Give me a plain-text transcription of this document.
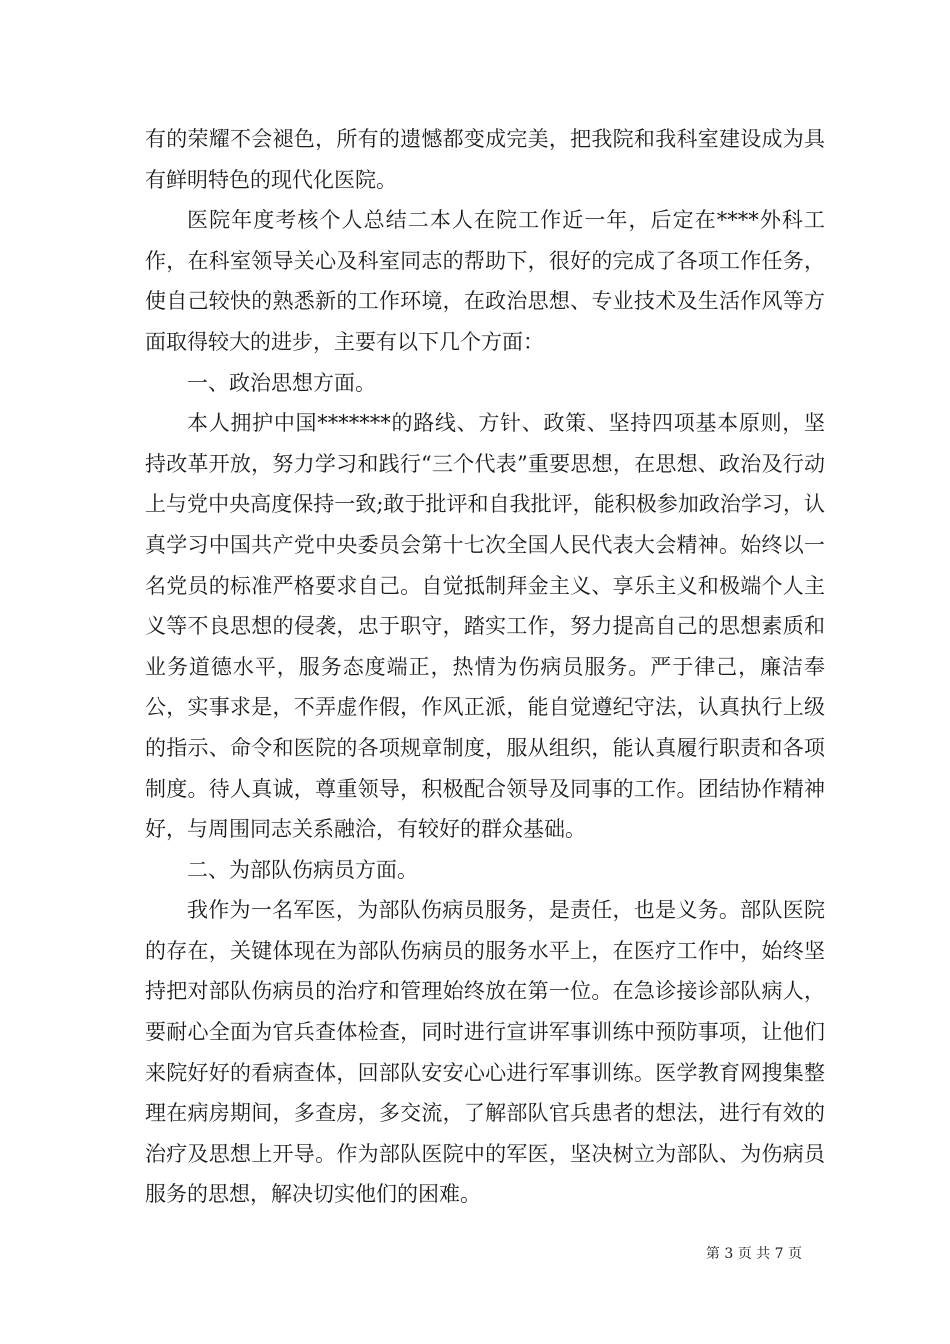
有的荣耀不会褪色，所有的遗憾都变成完美，把我院和我科室建设成为具有鲜明特色的现代化医院。

医院年度考核个人总结二本人在院工作近一年，后定在****外科工作，在科室领导关心及科室同志的帮助下，很好的完成了各项工作任务，使自己较快的熟悉新的工作环境，在政治思想、专业技术及生活作风等方面取得较大的进步，主要有以下几个方面：

一、政治思想方面。

本人拥护中国*******的路线、方针、政策、坚持四项基本原则，坚持改革开放，努力学习和践行“三个代表”重要思想，在思想、政治及行动上与党中央高度保持一致;敢于批评和自我批评，能积极参加政治学习，认真学习中国共产党中央委员会第十七次全国人民代表大会精神。始终以一名党员的标准严格要求自己。自觉抵制拜金主义、享乐主义和极端个人主义等不良思想的侵袭，忠于职守，踏实工作，努力提高自己的思想素质和业务道德水平，服务态度端正，热情为伤病员服务。严于律己，廉洁奉公，实事求是，不弄虚作假，作风正派，能自觉遵纪守法，认真执行上级的指示、命令和医院的各项规章制度，服从组织，能认真履行职责和各项制度。待人真诚，尊重领导，积极配合领导及同事的工作。团结协作精神好，与周围同志关系融洽，有较好的群众基础。

二、为部队伤病员方面。

我作为一名军医，为部队伤病员服务，是责任，也是义务。部队医院的存在，关键体现在为部队伤病员的服务水平上，在医疗工作中，始终坚持把对部队伤病员的治疗和管理始终放在第一位。在急诊接诊部队病人，要耐心全面为官兵查体检查，同时进行宣讲军事训练中预防事项，让他们来院好好的看病查体，回部队安安心心进行军事训练。医学教育网搜集整理在病房期间，多查房，多交流，了解部队官兵患者的想法，进行有效的治疗及思想上开导。作为部队医院中的军医，坚决树立为部队、为伤病员服务的思想，解决切实他们的困难。

第 3 页 共 7 页
